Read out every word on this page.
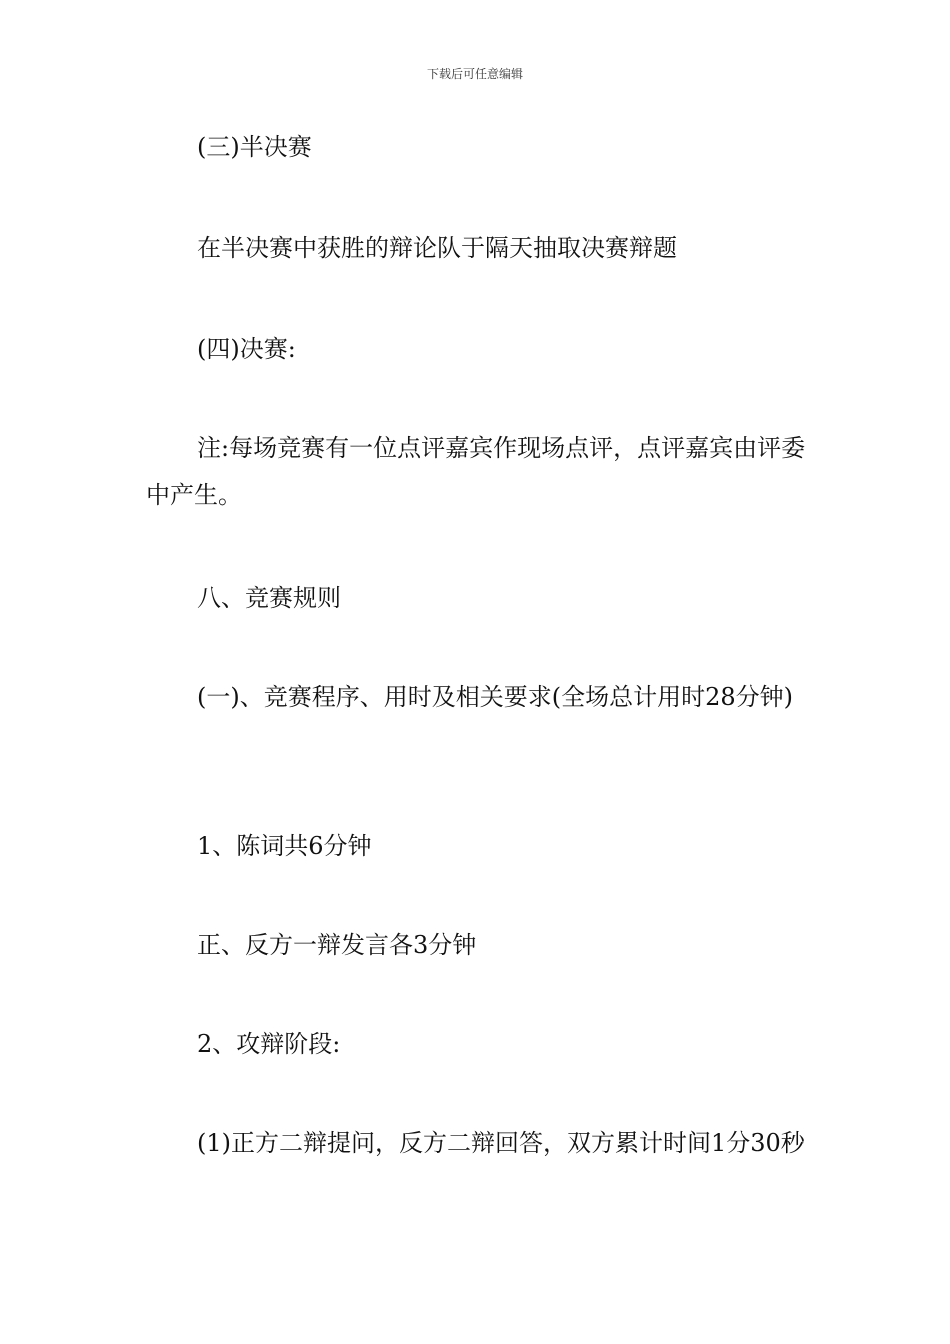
下载后可任意编辑

(三)半决赛

在半决赛中获胜的辩论队于隔天抽取决赛辩题

(四)决赛:

注:每场竞赛有一位点评嘉宾作现场点评，点评嘉宾由评委中产生。

八、竞赛规则

(一)、竞赛程序、用时及相关要求(全场总计用时28分钟)

1、陈词共6分钟

正、反方一辩发言各3分钟

2、攻辩阶段:

(1)正方二辩提问，反方二辩回答，双方累计时间1分30秒
